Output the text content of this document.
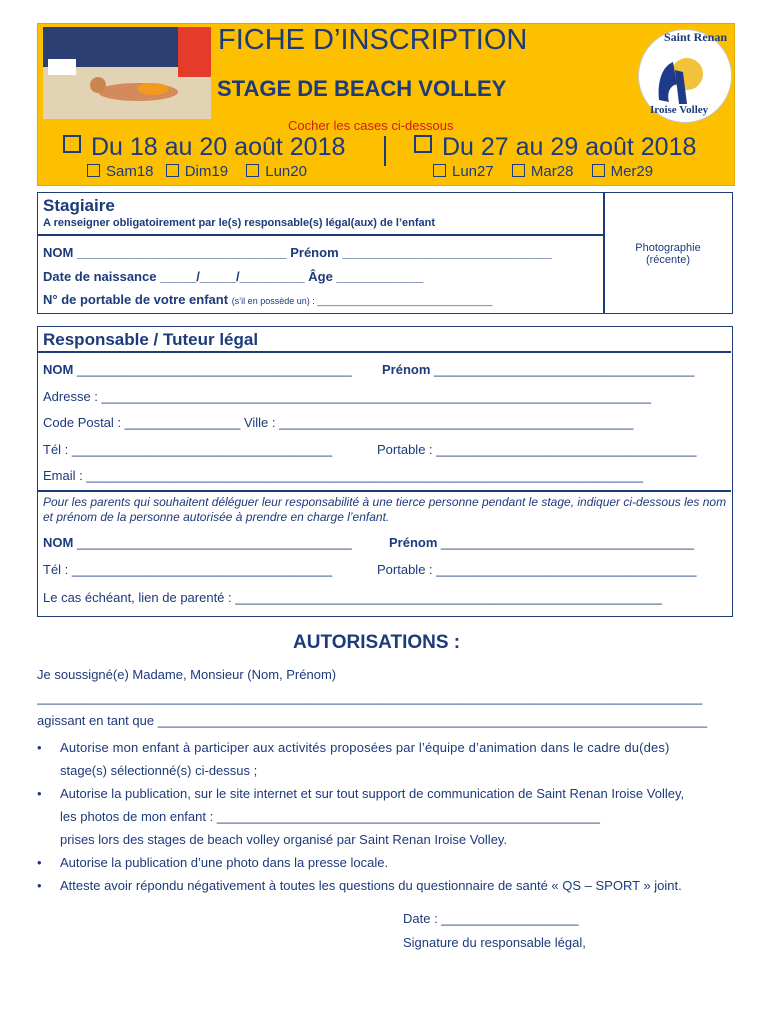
FICHE D’INSCRIPTION
STAGE DE BEACH VOLLEY
Saint Renan
Iroise Volley
Cocher les cases ci-dessous
Du 18 au 20 août 2018	Du 27 au 29 août 2018
Sam18 Dim19 Lun20	Lun27 Mar28 Mer29
Stagiaire
A renseigner obligatoirement par le(s) responsable(s) légal(aux) de l’enfant
NOM _____________________________ Prénom _____________________________
Date de naissance _____/_____/_________ Âge ____________
N° de portable de votre enfant (s’il en possède un) : ___________________________________
Photographie
(récente)
Responsable / Tuteur légal
NOM ______________________________________ Prénom ____________________________________
Adresse : ____________________________________________________________________________
Code Postal : ________________ Ville : _________________________________________________
Tél : ____________________________________	Portable : ____________________________________
Email : _____________________________________________________________________________
Pour les parents qui souhaitent déléguer leur responsabilité à une tierce personne pendant le stage, indiquer ci-dessous les nom et prénom de la personne autorisée à prendre en charge l’enfant.
NOM ______________________________________	Prénom ___________________________________
Tél : ____________________________________	Portable : ____________________________________
Le cas échéant, lien de parenté : ___________________________________________________________
AUTORISATIONS :
Je soussigné(e) Madame, Monsieur (Nom, Prénom)
____________________________________________________________________________________________
agissant en tant que ____________________________________________________________________________
• Autorise mon enfant à participer aux activités proposées par l’équipe d’animation dans le cadre du(des)
stage(s) sélectionné(s) ci-dessus ;
• Autorise la publication, sur le site internet et sur tout support de communication de Saint Renan Iroise Volley,
les photos de mon enfant : _____________________________________________________
prises lors des stages de beach volley organisé par Saint Renan Iroise Volley.
• Autorise la publication d’une photo dans la presse locale.
• Atteste avoir répondu négativement à toutes les questions du questionnaire de santé « QS – SPORT » joint.
Date : ___________________
Signature du responsable légal,
